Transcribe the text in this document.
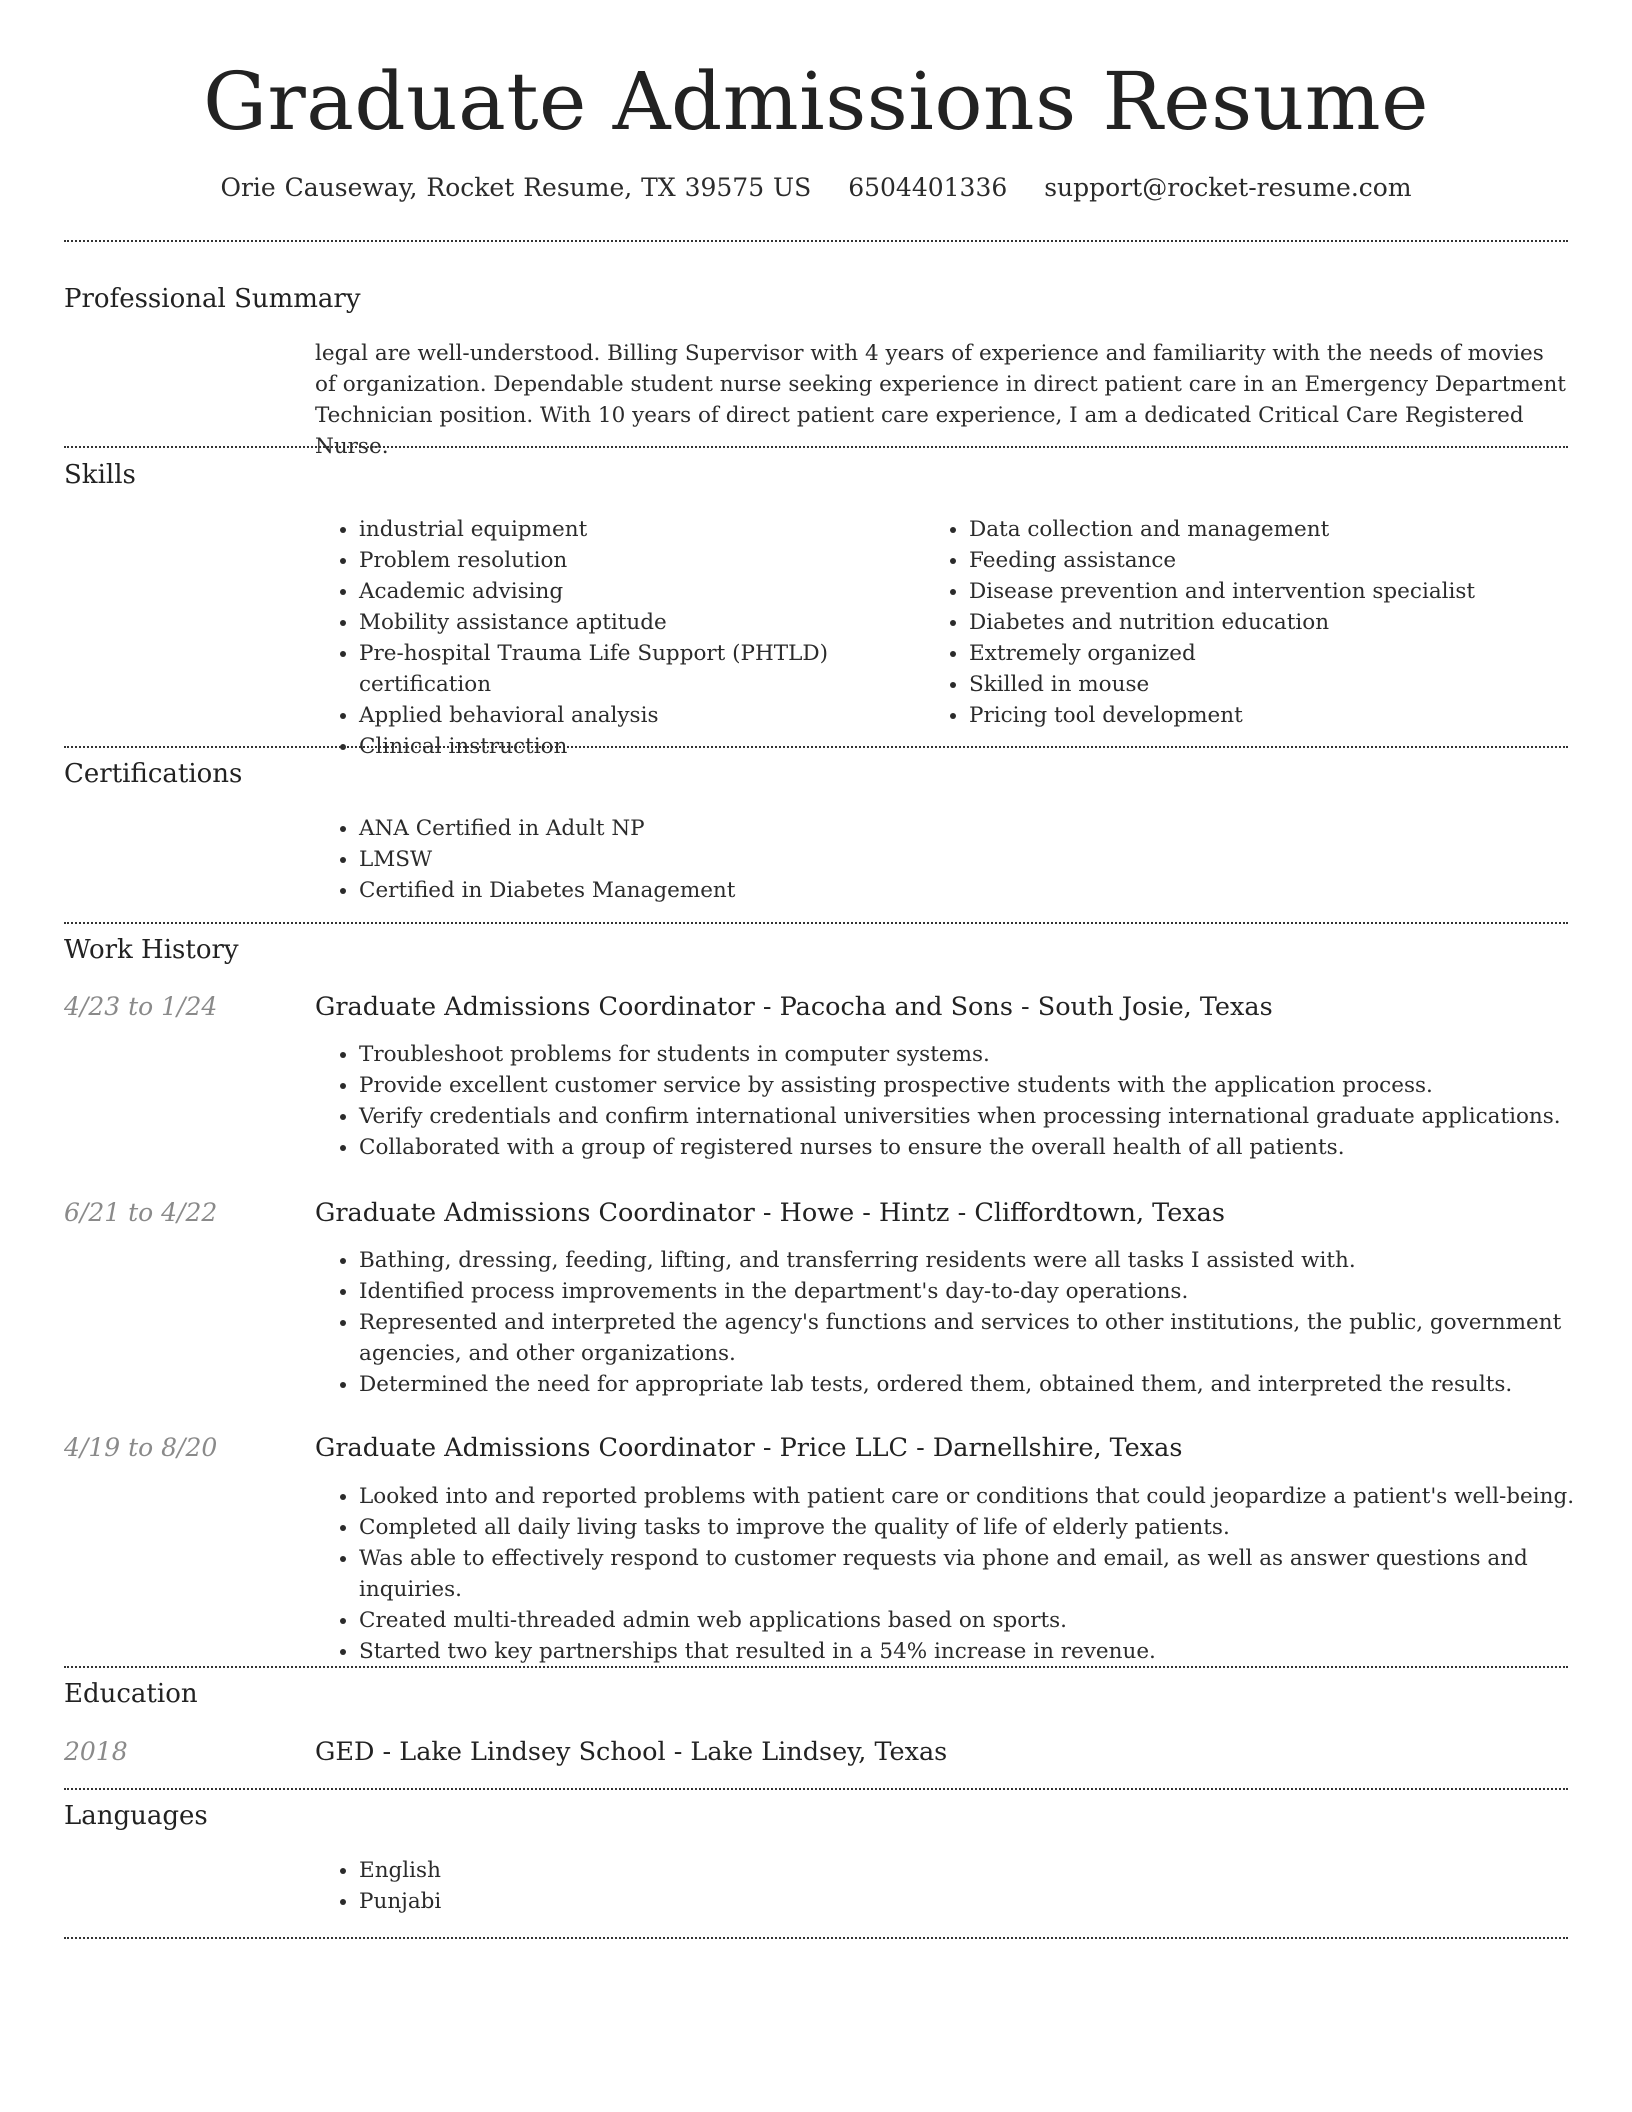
Graduate Admissions Resume
Orie Causeway, Rocket Resume, TX 39575 US 6504401336 support@rocket-resume.com
Professional Summary

legal are well-understood. Billing Supervisor with 4 years of experience and familiarity with the needs of movies of organization. Dependable student nurse seeking experience in direct patient care in an Emergency Department Technician position. With 10 years of direct patient care experience, I am a dedicated Critical Care Registered Nurse.

Skills
• industrial equipment
• Problem resolution
• Academic advising
• Mobility assistance aptitude
• Pre-hospital Trauma Life Support (PHTLD) certification
• Applied behavioral analysis
• Clinical instruction
• Data collection and management
• Feeding assistance
• Disease prevention and intervention specialist
• Diabetes and nutrition education
• Extremely organized
• Skilled in mouse
• Pricing tool development
Certifications
• ANA Certified in Adult NP
• LMSW
• Certified in Diabetes Management
Work History
4/23 to 1/24	Graduate Admissions Coordinator - Pacocha and Sons - South Josie, Texas
• Troubleshoot problems for students in computer systems.
• Provide excellent customer service by assisting prospective students with the application process.
• Verify credentials and confirm international universities when processing international graduate applications.
• Collaborated with a group of registered nurses to ensure the overall health of all patients.
6/21 to 4/22	Graduate Admissions Coordinator - Howe - Hintz - Cliffordtown, Texas
• Bathing, dressing, feeding, lifting, and transferring residents were all tasks I assisted with.
• Identified process improvements in the department's day-to-day operations.
• Represented and interpreted the agency's functions and services to other institutions, the public, government agencies, and other organizations.
• Determined the need for appropriate lab tests, ordered them, obtained them, and interpreted the results.
4/19 to 8/20	Graduate Admissions Coordinator - Price LLC - Darnellshire, Texas
• Looked into and reported problems with patient care or conditions that could jeopardize a patient's well-being.
• Completed all daily living tasks to improve the quality of life of elderly patients.
• Was able to effectively respond to customer requests via phone and email, as well as answer questions and inquiries.
• Created multi-threaded admin web applications based on sports.
• Started two key partnerships that resulted in a 54% increase in revenue.
Education
2018	GED - Lake Lindsey School - Lake Lindsey, Texas
Languages
• English
• Punjabi
